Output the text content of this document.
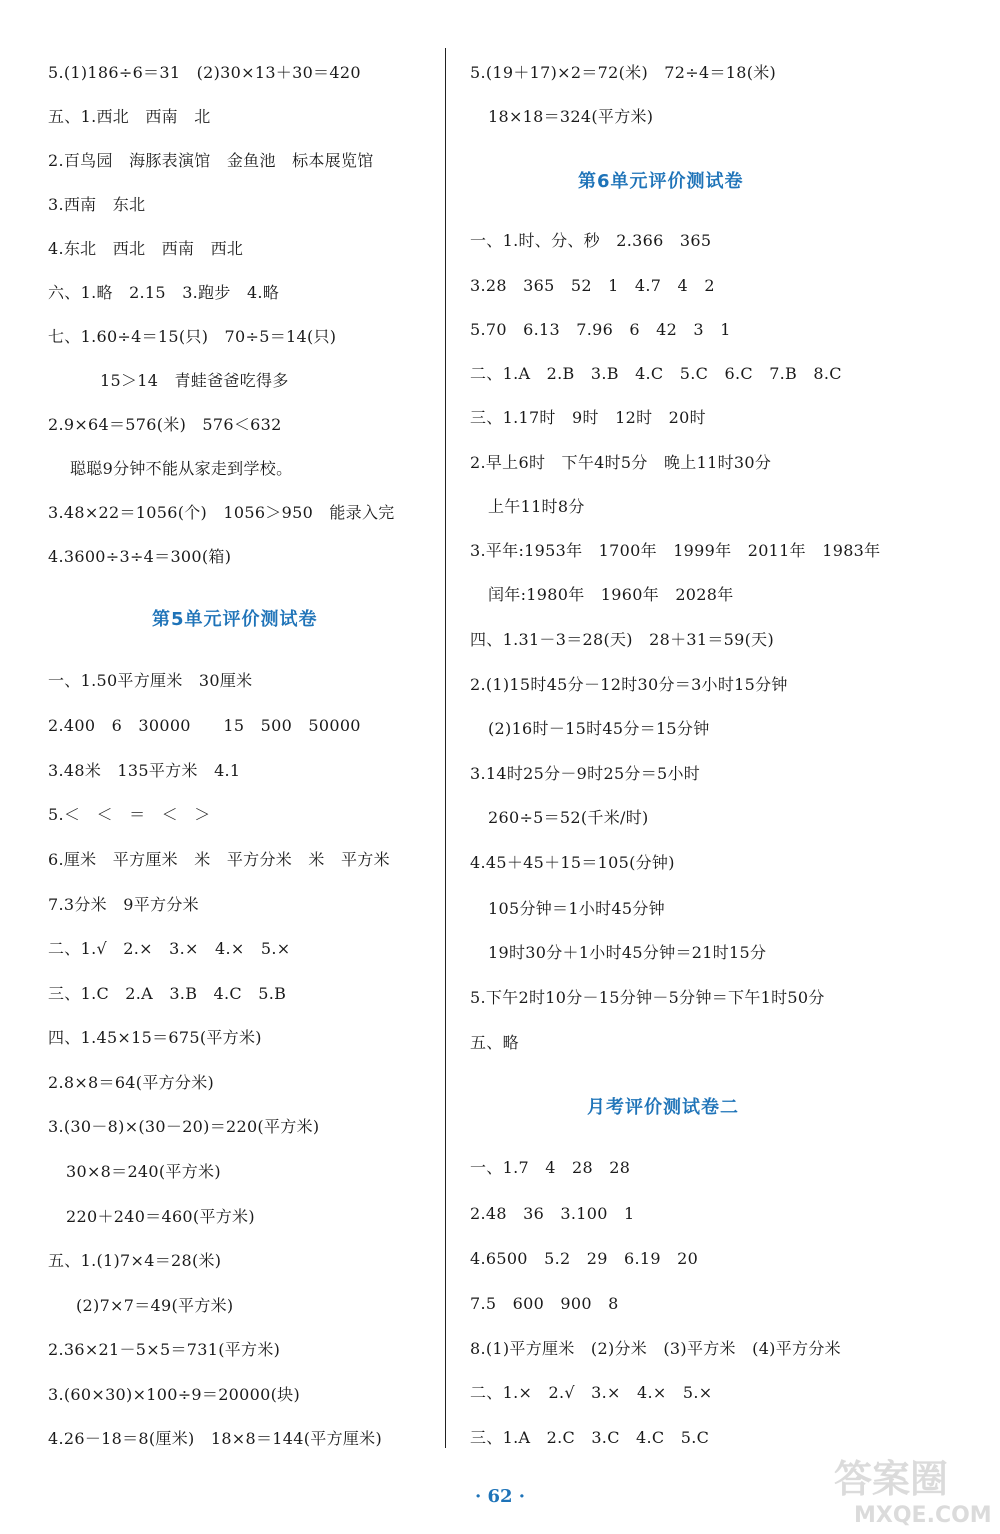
· 62 ·	答案圈
MXQE.COM
5.(1)186÷6＝31　(2)30×13＋30＝420
五、1.西北　西南　北
2.百鸟园　海豚表演馆　金鱼池　标本展览馆
3.西南　东北
4.东北　西北　西南　西北
六、1.略　2.15　3.跑步　4.略
七、1.60÷4＝15(只)　70÷5＝14(只)
15＞14　青蛙爸爸吃得多
2.9×64＝576(米)　576＜632
聪聪9分钟不能从家走到学校。
3.48×22＝1056(个)　1056＞950　能录入完
4.3600÷3÷4＝300(箱)
一、1.50平方厘米　30厘米
2.400　6　30000　　15　500　50000
3.48米　135平方米　4.1
5.＜　＜　＝　＜　＞
6.厘米　平方厘米　米　平方分米　米　平方米
7.3分米　9平方分米
二、1.√　2.×　3.×　4.×　5.×
三、1.C　2.A　3.B　4.C　5.B
四、1.45×15＝675(平方米)
2.8×8＝64(平方分米)
3.(30－8)×(30－20)＝220(平方米)
30×8＝240(平方米)
220＋240＝460(平方米)
五、1.(1)7×4＝28(米)
(2)7×7＝49(平方米)
2.36×21－5×5＝731(平方米)
3.(60×30)×100÷9＝20000(块)
4.26－18＝8(厘米)　18×8＝144(平方厘米)
第5单元评价测试卷
5.(19＋17)×2＝72(米)　72÷4＝18(米)
18×18＝324(平方米)
一、1.时、分、秒　2.366　365
3.28　365　52　1　4.7　4　2
5.70　6.13　7.96　6　42　3　1
二、1.A　2.B　3.B　4.C　5.C　6.C　7.B　8.C
三、1.17时　9时　12时　20时
2.早上6时　下午4时5分　晚上11时30分
上午11时8分
3.平年:1953年　1700年　1999年　2011年　1983年
闰年:1980年　1960年　2028年
四、1.31－3＝28(天)　28＋31＝59(天)
2.(1)15时45分－12时30分＝3小时15分钟
(2)16时－15时45分＝15分钟
3.14时25分－9时25分＝5小时
260÷5＝52(千米/时)
4.45＋45＋15＝105(分钟)
105分钟＝1小时45分钟
19时30分＋1小时45分钟＝21时15分
5.下午2时10分－15分钟－5分钟＝下午1时50分
五、略
一、1.7　4　28　28
2.48　36　3.100　1
4.6500　5.2　29　6.19　20
7.5　600　900　8
8.(1)平方厘米　(2)分米　(3)平方米　(4)平方分米
二、1.×　2.√　3.×　4.×　5.×
三、1.A　2.C　3.C　4.C　5.C
第6单元评价测试卷
月考评价测试卷二
